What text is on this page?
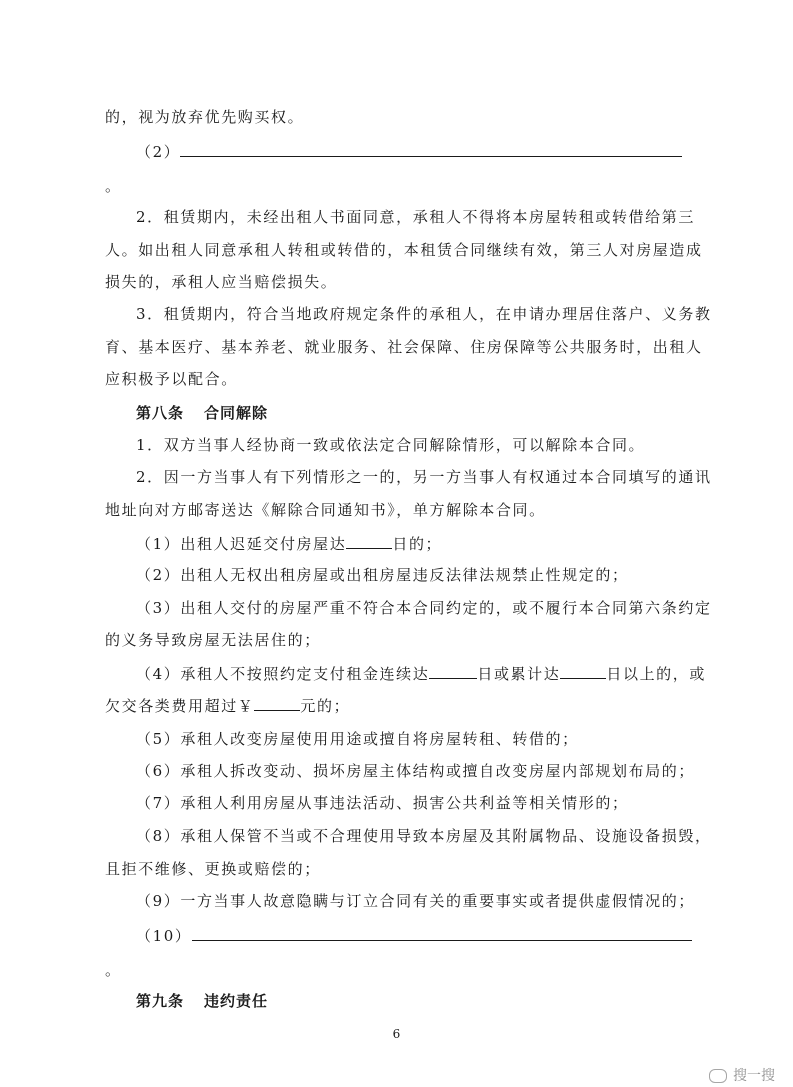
的，视为放弃优先购买权。
（2）
。
2．租赁期内，未经出租人书面同意，承租人不得将本房屋转租或转借给第三
人。如出租人同意承租人转租或转借的，本租赁合同继续有效，第三人对房屋造成
损失的，承租人应当赔偿损失。
3．租赁期内，符合当地政府规定条件的承租人，在申请办理居住落户、义务教
育、基本医疗、基本养老、就业服务、社会保障、住房保障等公共服务时，出租人
应积极予以配合。
第八条 合同解除
1．双方当事人经协商一致或依法定合同解除情形，可以解除本合同。
2．因一方当事人有下列情形之一的，另一方当事人有权通过本合同填写的通讯
地址向对方邮寄送达《解除合同通知书》，单方解除本合同。
（1）出租人迟延交付房屋达	日的；
（2）出租人无权出租房屋或出租房屋违反法律法规禁止性规定的；
（3）出租人交付的房屋严重不符合本合同约定的，或不履行本合同第六条约定
的义务导致房屋无法居住的；
（4）承租人不按照约定支付租金连续达	日或累计达	日以上的，或
欠交各类费用超过￥	元的；
（5）承租人改变房屋使用用途或擅自将房屋转租、转借的；
（6）承租人拆改变动、损坏房屋主体结构或擅自改变房屋内部规划布局的；
（7）承租人利用房屋从事违法活动、损害公共利益等相关情形的；
（8）承租人保管不当或不合理使用导致本房屋及其附属物品、设施设备损毁，
且拒不维修、更换或赔偿的；
（9）一方当事人故意隐瞒与订立合同有关的重要事实或者提供虚假情况的；
（10）
。
第九条 违约责任
6
搜一搜
